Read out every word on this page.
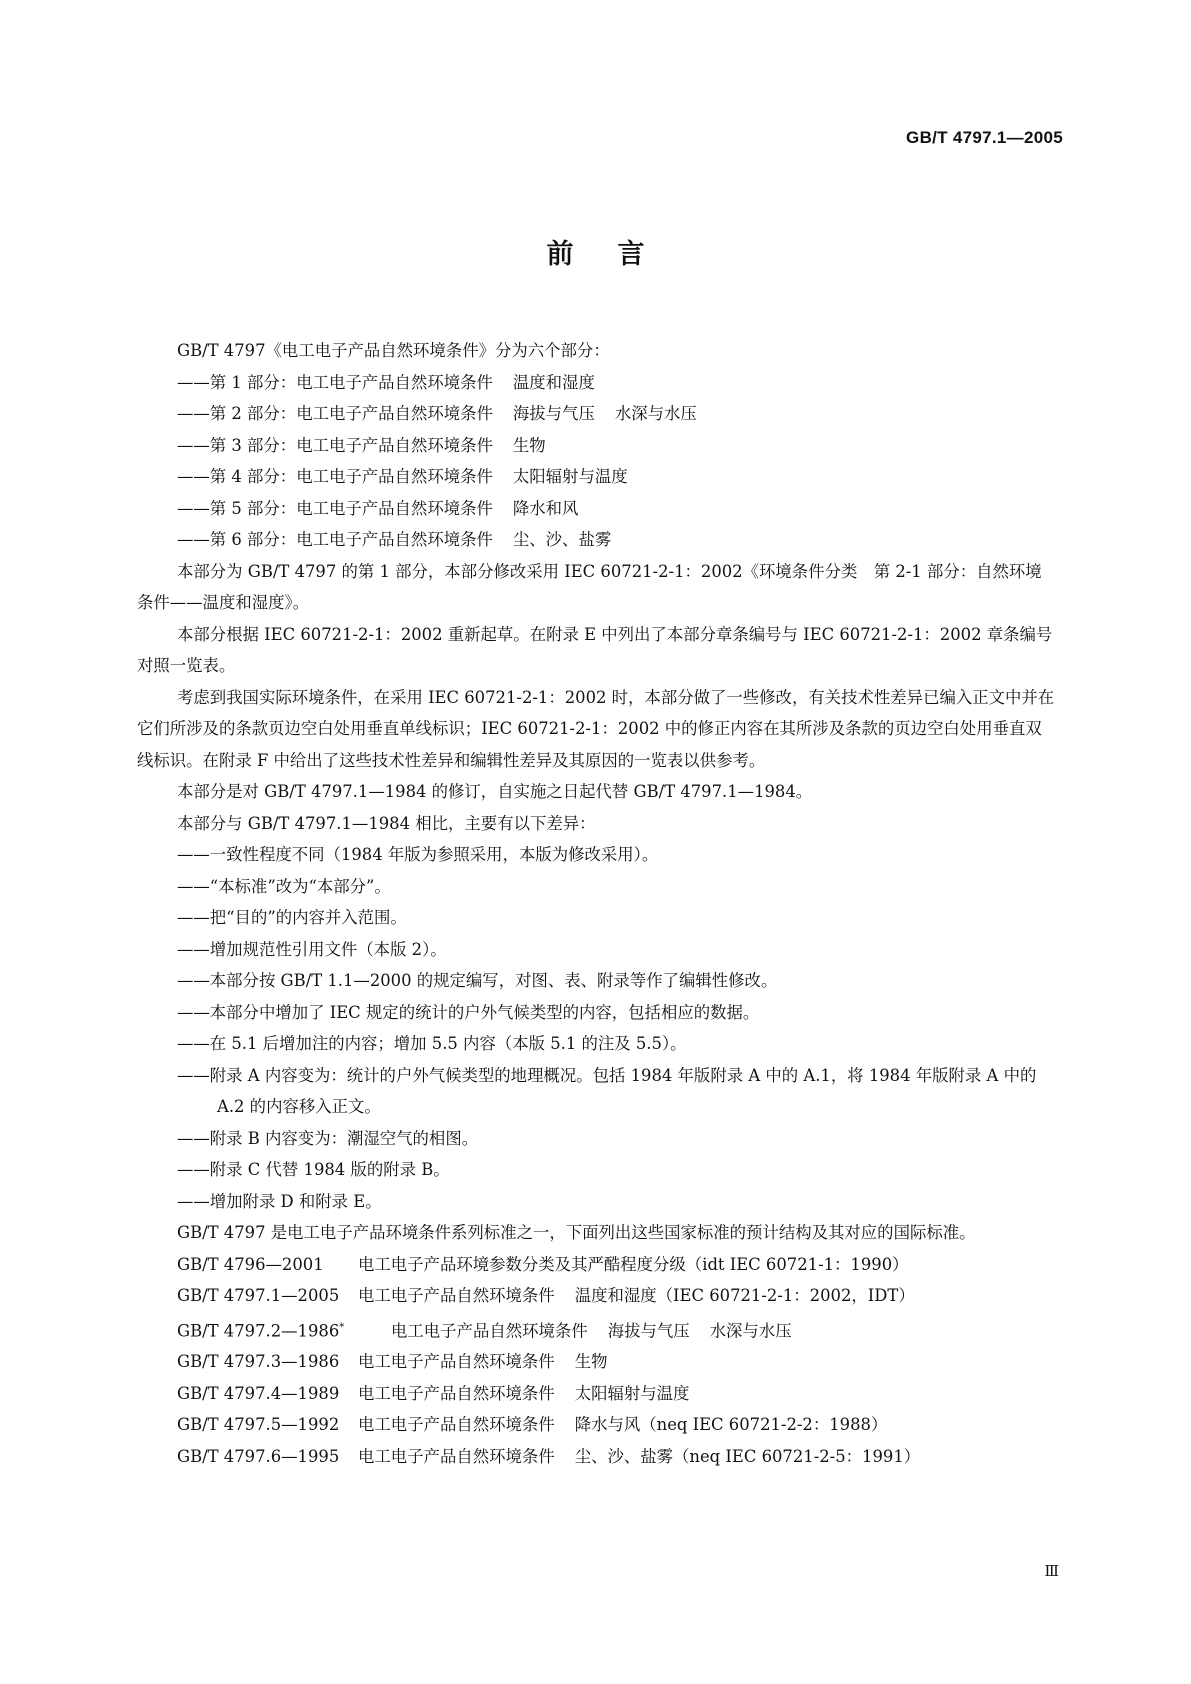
GB/T 4797.1—2005
前言

GB/T 4797《电工电子产品自然环境条件》分为六个部分：

——第 1 部分：电工电子产品自然环境条件 温度和湿度

——第 2 部分：电工电子产品自然环境条件 海拔与气压 水深与水压

——第 3 部分：电工电子产品自然环境条件 生物

——第 4 部分：电工电子产品自然环境条件 太阳辐射与温度

——第 5 部分：电工电子产品自然环境条件 降水和风

——第 6 部分：电工电子产品自然环境条件 尘、沙、盐雾

本部分为 GB/T 4797 的第 1 部分，本部分修改采用 IEC 60721-2-1：2002《环境条件分类　第 2-1 部分：自然环境条件——温度和湿度》。

本部分根据 IEC 60721-2-1：2002 重新起草。在附录 E 中列出了本部分章条编号与 IEC 60721-2-1：2002 章条编号对照一览表。

考虑到我国实际环境条件，在采用 IEC 60721-2-1：2002 时，本部分做了一些修改，有关技术性差异已编入正文中并在它们所涉及的条款页边空白处用垂直单线标识；IEC 60721-2-1：2002 中的修正内容在其所涉及条款的页边空白处用垂直双线标识。在附录 F 中给出了这些技术性差异和编辑性差异及其原因的一览表以供参考。

本部分是对 GB/T 4797.1—1984 的修订，自实施之日起代替 GB/T 4797.1—1984。

本部分与 GB/T 4797.1—1984 相比，主要有以下差异：

——一致性程度不同（1984 年版为参照采用，本版为修改采用）。

——“本标准”改为“本部分”。

——把“目的”的内容并入范围。

——增加规范性引用文件（本版 2）。

——本部分按 GB/T 1.1—2000 的规定编写，对图、表、附录等作了编辑性修改。

——本部分中增加了 IEC 规定的统计的户外气候类型的内容，包括相应的数据。

——在 5.1 后增加注的内容；增加 5.5 内容（本版 5.1 的注及 5.5）。

——附录 A 内容变为：统计的户外气候类型的地理概况。包括 1984 年版附录 A 中的 A.1，将 1984 年版附录 A 中的 A.2 的内容移入正文。

——附录 B 内容变为：潮湿空气的相图。

——附录 C 代替 1984 版的附录 B。

——增加附录 D 和附录 E。

GB/T 4797 是电工电子产品环境条件系列标准之一，下面列出这些国家标准的预计结构及其对应的国际标准。

GB/T 4796—2001 电工电子产品环境参数分类及其严酷程度分级（idt IEC 60721-1：1990）

GB/T 4797.1—2005 电工电子产品自然环境条件 温度和湿度（IEC 60721-2-1：2002，IDT）

GB/T 4797.2—1986*	电工电子产品自然环境条件 海拔与气压 水深与水压

GB/T 4797.3—1986 电工电子产品自然环境条件 生物

GB/T 4797.4—1989 电工电子产品自然环境条件 太阳辐射与温度

GB/T 4797.5—1992 电工电子产品自然环境条件 降水与风（neq IEC 60721-2-2：1988）

GB/T 4797.6—1995 电工电子产品自然环境条件 尘、沙、盐雾（neq IEC 60721-2-5：1991）

Ⅲ
